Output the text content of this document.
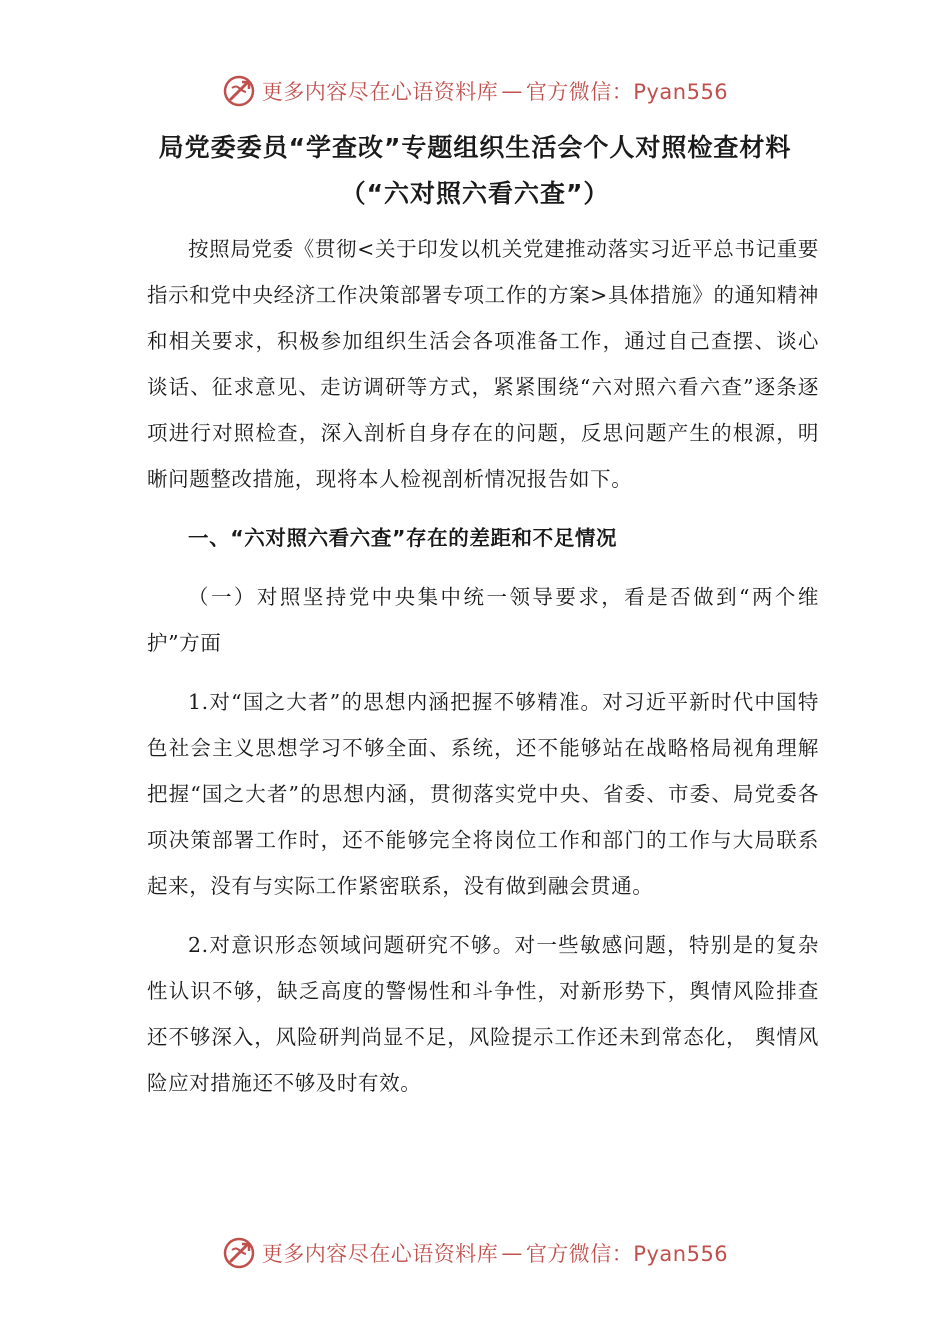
更多内容尽在心语资料库 — 官方微信：Pyan556
局党委委员“学查改”专题组织生活会个人对照检查材料
（“六对照六看六查”）

按照局党委《贯彻<关于印发以机关党建推动落实习近平总书记重要指示和党中央经济工作决策部署专项工作的方案>具体措施》的通知精神和相关要求，积极参加组织生活会各项准备工作，通过自己查摆、谈心谈话、征求意见、走访调研等方式，紧紧围绕“六对照六看六查”逐条逐项进行对照检查，深入剖析自身存在的问题，反思问题产生的根源，明晰问题整改措施，现将本人检视剖析情况报告如下。

一、“六对照六看六查”存在的差距和不足情况

（一）对照坚持党中央集中统一领导要求，看是否做到“两个维护”方面

1.对“国之大者”的思想内涵把握不够精准。对习近平新时代中国特色社会主义思想学习不够全面、系统，还不能够站在战略格局视角理解把握“国之大者”的思想内涵，贯彻落实党中央、省委、市委、局党委各项决策部署工作时，还不能够完全将岗位工作和部门的工作与大局联系起来，没有与实际工作紧密联系，没有做到融会贯通。

2.对意识形态领域问题研究不够。对一些敏感问题，特别是的复杂性认识不够，缺乏高度的警惕性和斗争性，对新形势下，舆情风险排查还不够深入，风险研判尚显不足，风险提示工作还未到常态化， 舆情风险应对措施还不够及时有效。

更多内容尽在心语资料库 — 官方微信：Pyan556
